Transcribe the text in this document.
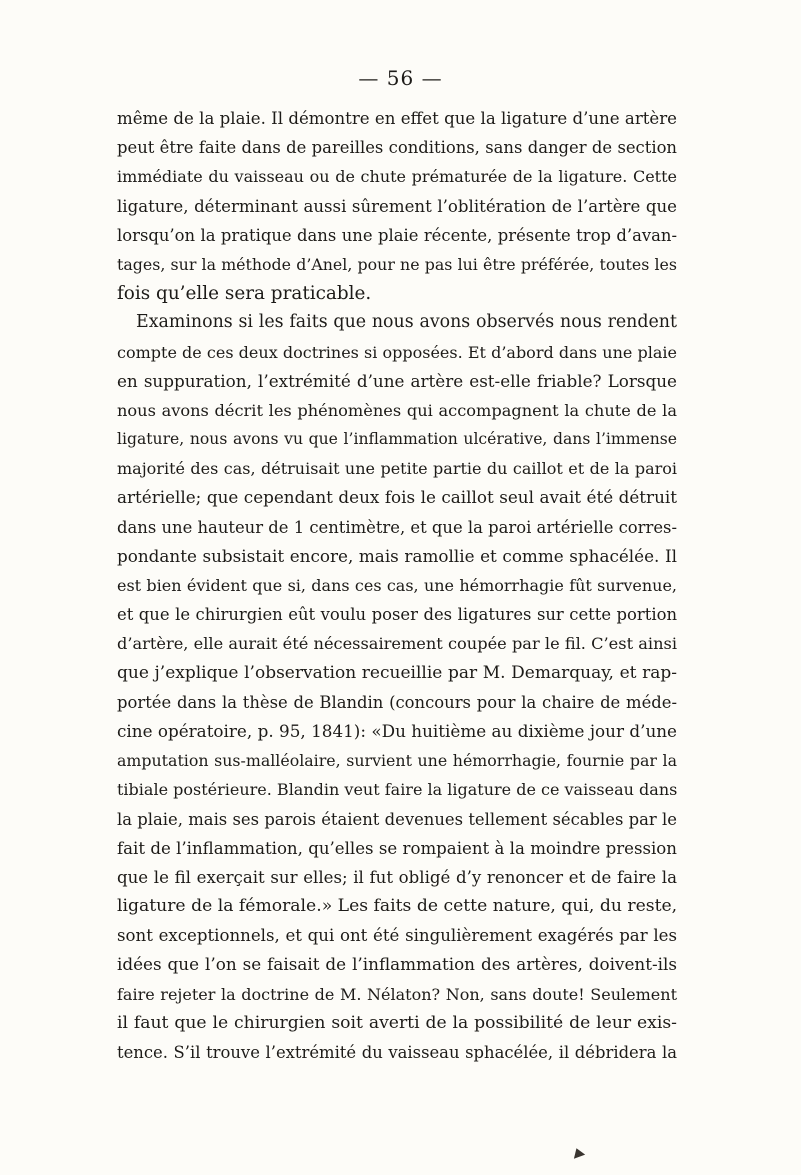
— 56 —
même de la plaie. Il démontre en effet que la ligature d’une artère
peut être faite dans de pareilles conditions, sans danger de section
immédiate du vaisseau ou de chute prématurée de la ligature. Cette
ligature, déterminant aussi sûrement l’oblitération de l’artère que
lorsqu’on la pratique dans une plaie récente, présente trop d’avan-
tages, sur la méthode d’Anel, pour ne pas lui être préférée, toutes les
fois qu’elle sera praticable.
Examinons si les faits que nous avons observés nous rendent
compte de ces deux doctrines si opposées. Et d’abord dans une plaie
en suppuration, l’extrémité d’une artère est-elle friable? Lorsque
nous avons décrit les phénomènes qui accompagnent la chute de la
ligature, nous avons vu que l’inflammation ulcérative, dans l’immense
majorité des cas, détruisait une petite partie du caillot et de la paroi
artérielle; que cependant deux fois le caillot seul avait été détruit
dans une hauteur de 1 centimètre, et que la paroi artérielle corres-
pondante subsistait encore, mais ramollie et comme sphacélée. Il
est bien évident que si, dans ces cas, une hémorrhagie fût survenue,
et que le chirurgien eût voulu poser des ligatures sur cette portion
d’artère, elle aurait été nécessairement coupée par le fil. C’est ainsi
que j’explique l’observation recueillie par M. Demarquay, et rap-
portée dans la thèse de Blandin (concours pour la chaire de méde-
cine opératoire, p. 95, 1841): «Du huitième au dixième jour d’une
amputation sus-malléolaire, survient une hémorrhagie, fournie par la
tibiale postérieure. Blandin veut faire la ligature de ce vaisseau dans
la plaie, mais ses parois étaient devenues tellement sécables par le
fait de l’inflammation, qu’elles se rompaient à la moindre pression
que le fil exerçait sur elles; il fut obligé d’y renoncer et de faire la
ligature de la fémorale.» Les faits de cette nature, qui, du reste,
sont exceptionnels, et qui ont été singulièrement exagérés par les
idées que l’on se faisait de l’inflammation des artères, doivent-ils
faire rejeter la doctrine de M. Nélaton? Non, sans doute! Seulement
il faut que le chirurgien soit averti de la possibilité de leur exis-
tence. S’il trouve l’extrémité du vaisseau sphacélée, il débridera la
